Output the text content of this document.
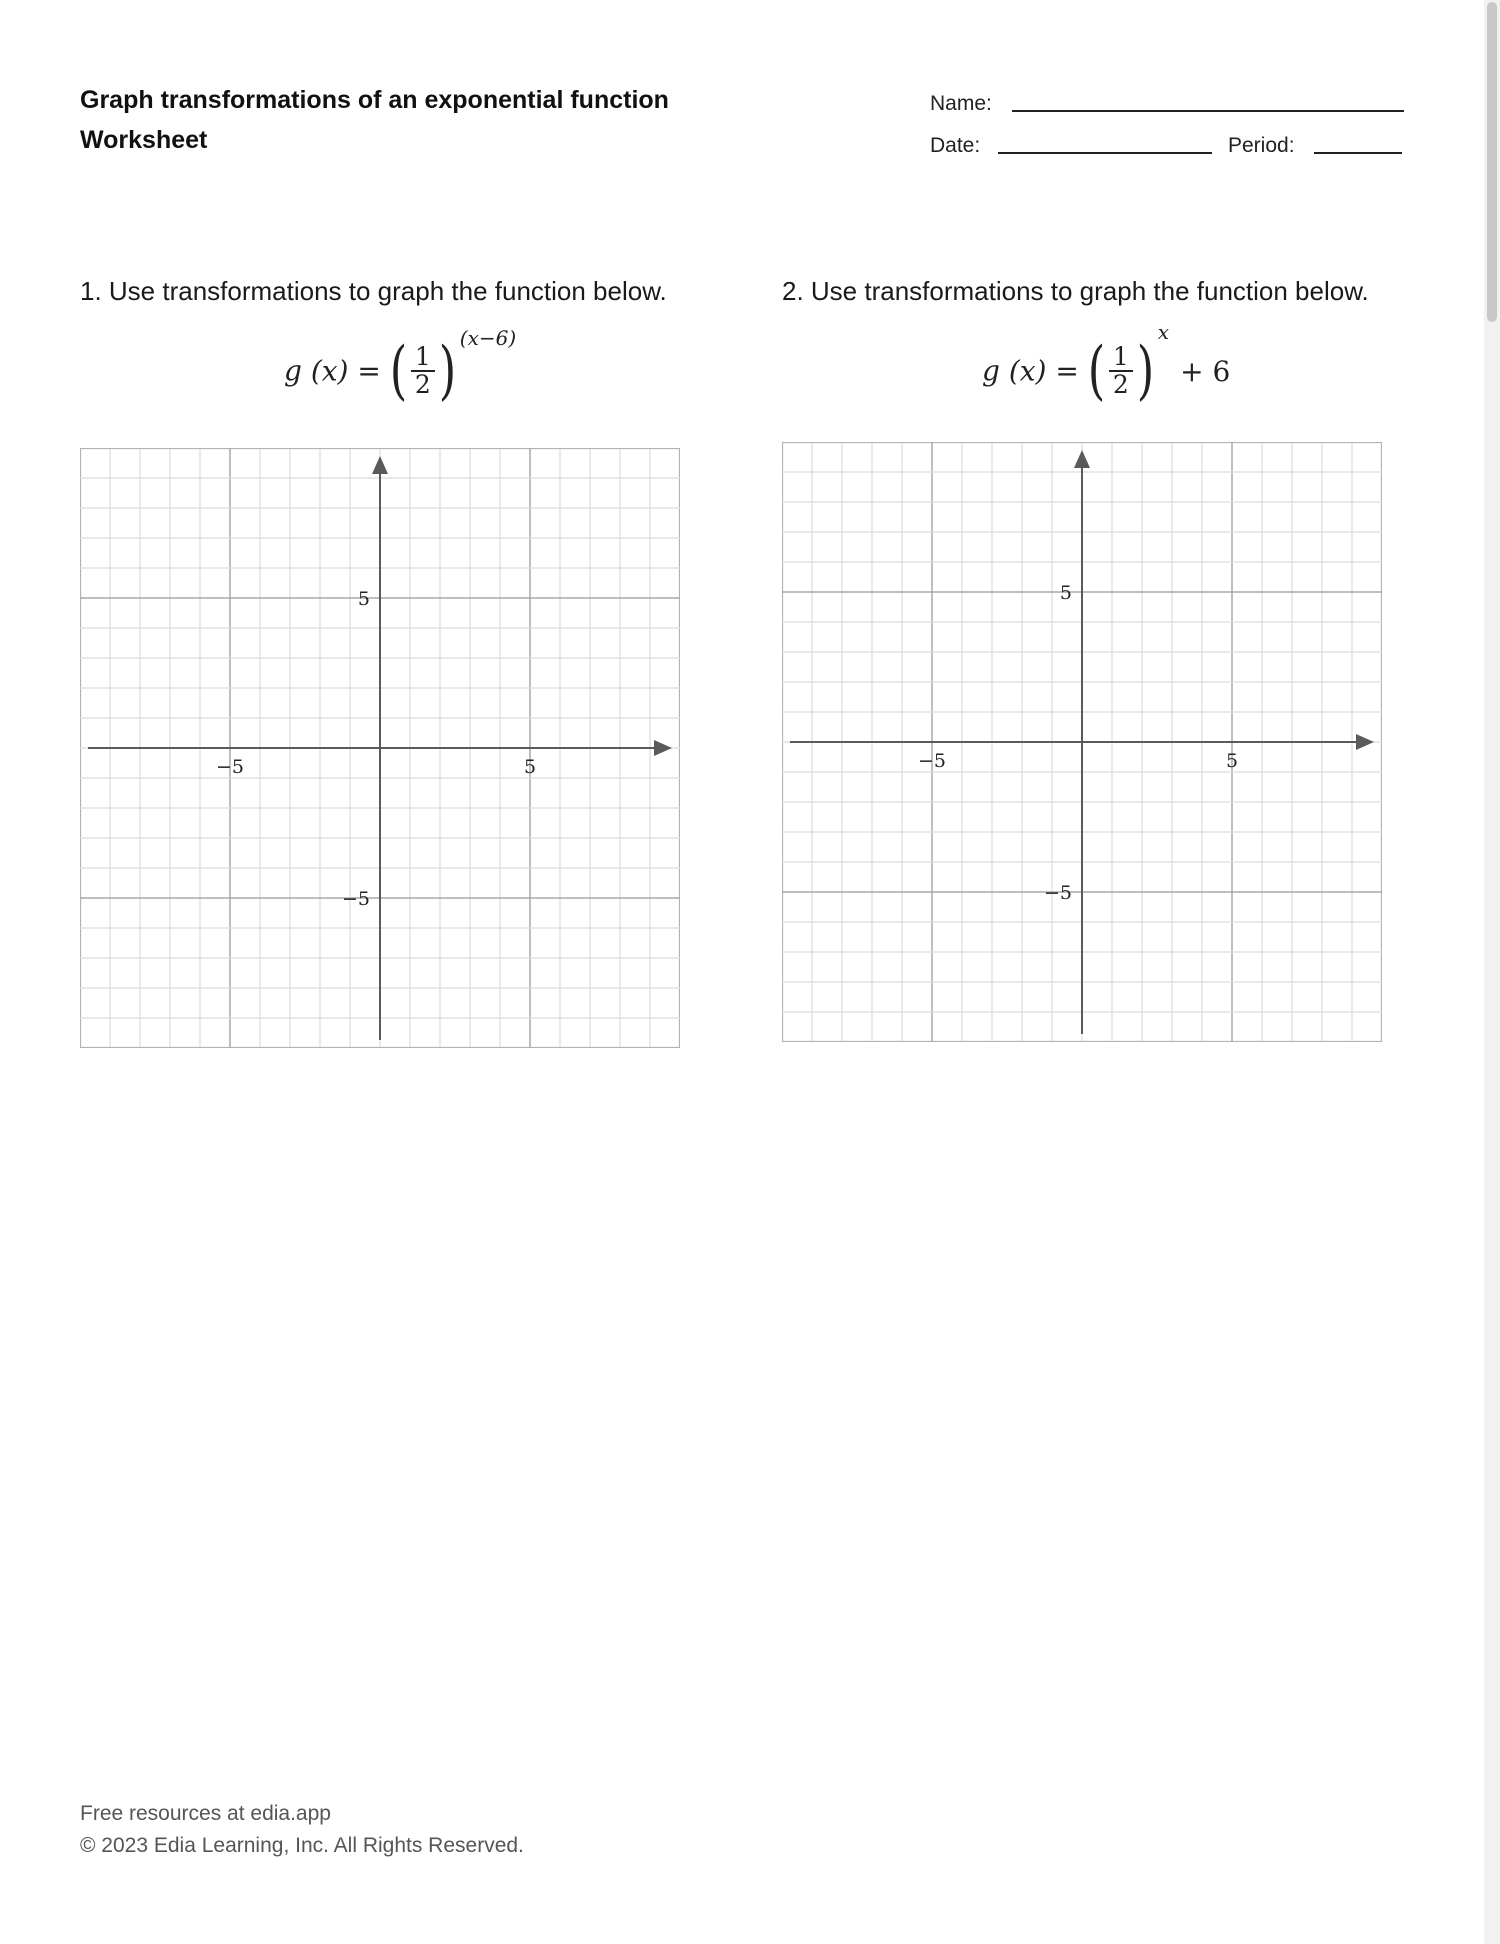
Graph transformations of an exponential function
Worksheet
Name:
Date:	Period:
1. Use transformations to graph the function below.
g (x) = ( $\frac{1}{2}$ ) $^{(x-6)}$
−5	5
5
−5
2. Use transformations to graph the function below.
g (x) = ( $\frac{1}{2} )^x + 6$
−5	5
5
−5
Free resources at edia.app
© 2023 Edia Learning, Inc. All Rights Reserved.
